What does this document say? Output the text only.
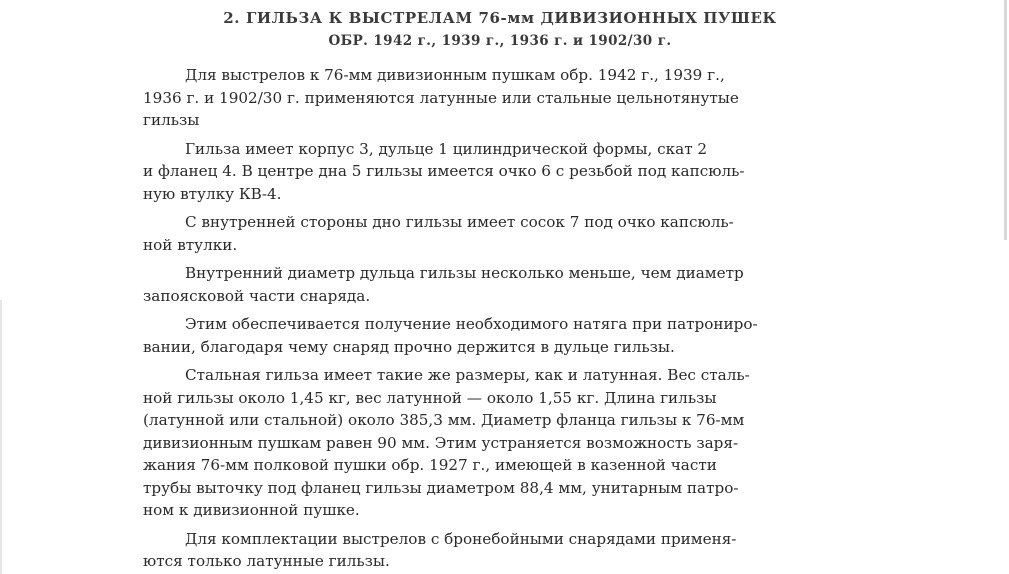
2. ГИЛЬЗА К ВЫСТРЕЛАМ 76-мм ДИВИЗИОННЫХ ПУШЕК
ОБР. 1942 г., 1939 г., 1936 г. и 1902/30 г.

Для выстрелов к 76-мм дивизионным пушкам обр. 1942 г., 1939 г.,
1936 г. и 1902/30 г. применяются латунные или стальные цельнотянутые
гильзы

Гильза имеет корпус 3, дульце 1 цилиндрической формы, скат 2
и фланец 4. В центре дна 5 гильзы имеется очко 6 с резьбой под капсюль-
ную втулку КВ-4.

С внутренней стороны дно гильзы имеет сосок 7 под очко капсюль-
ной втулки.

Внутренний диаметр дульца гильзы несколько меньше, чем диаметр
запоясковой части снаряда.

Этим обеспечивается получение необходимого натяга при патрониро-
вании, благодаря чему снаряд прочно держится в дульце гильзы.

Стальная гильза имеет такие же размеры, как и латунная. Вес сталь-
ной гильзы около 1,45 кг, вес латунной — около 1,55 кг. Длина гильзы
(латунной или стальной) около 385,3 мм. Диаметр фланца гильзы к 76-мм
дивизионным пушкам равен 90 мм. Этим устраняется возможность заря-
жания 76-мм полковой пушки обр. 1927 г., имеющей в казенной части
трубы выточку под фланец гильзы диаметром 88,4 мм, унитарным патро-
ном к дивизионной пушке.

Для комплектации выстрелов с бронебойными снарядами применя-
ются только латунные гильзы.
